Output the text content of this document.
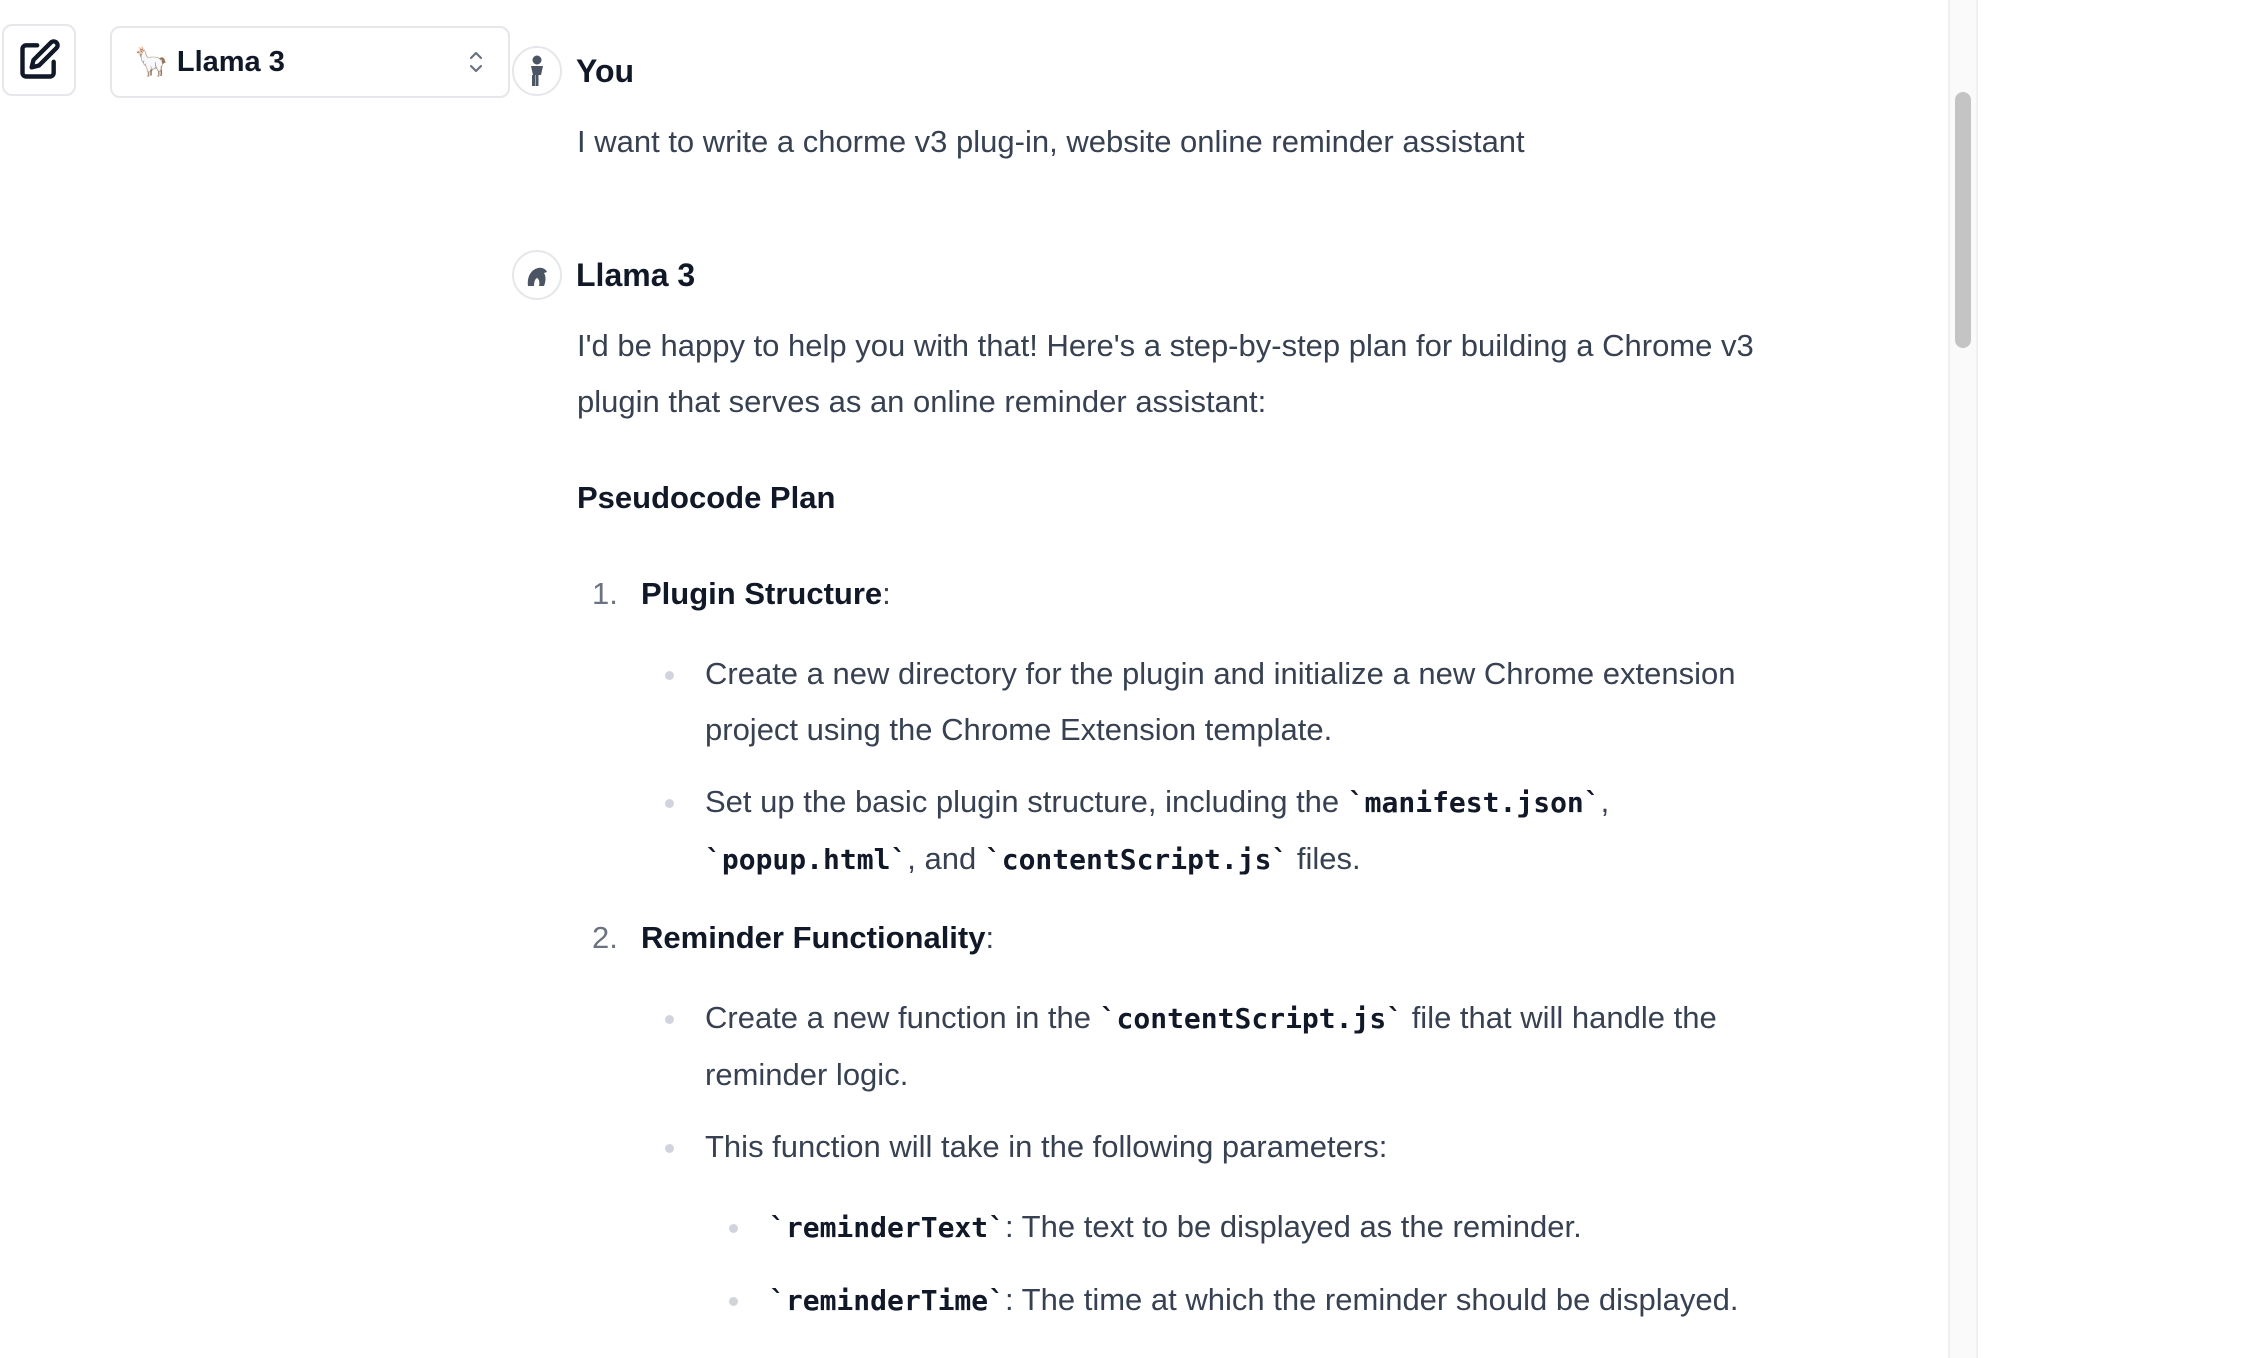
🦙 Llama 3	You
I want to write a chorme v3 plug-in, website online reminder assistant
Llama 3

I'd be happy to help you with that! Here's a step-by-step plan for building a Chrome v3 plugin that serves as an online reminder assistant:

Pseudocode Plan

1. Plugin Structure:
Create a new directory for the plugin and initialize a new Chrome extension project using the Chrome Extension template.
Set up the basic plugin structure, including the `manifest.json`,
`popup.html`, and `contentScript.js` files.
2. Reminder Functionality:
Create a new function in the `contentScript.js` file that will handle the reminder logic.
This function will take in the following parameters:
`reminderText`: The text to be displayed as the reminder.
`reminderTime`: The time at which the reminder should be displayed.
